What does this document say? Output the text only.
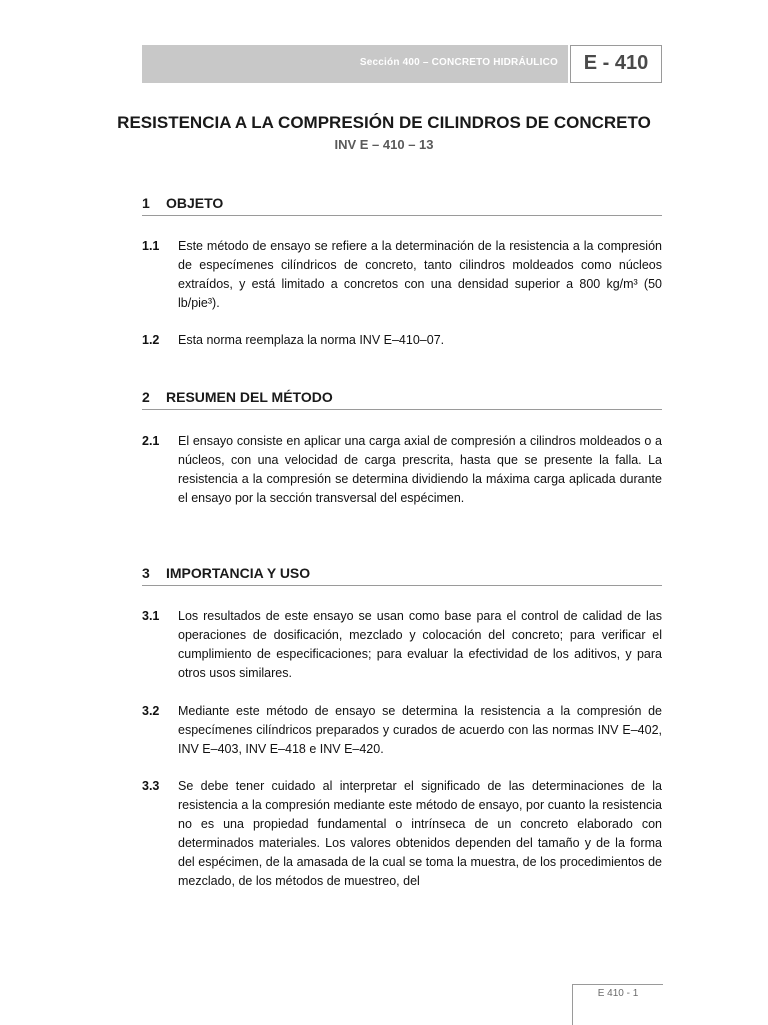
Sección 400 – CONCRETO HIDRÁULICO	E - 410
RESISTENCIA A LA COMPRESIÓN DE CILINDROS DE CONCRETO
INV E – 410 – 13
1 OBJETO
1.1	Este método de ensayo se refiere a la determinación de la resistencia a la compresión de especímenes cilíndricos de concreto, tanto cilindros moldeados como núcleos extraídos, y está limitado a concretos con una densidad superior a 800 kg/m³ (50 lb/pie³).
1.2	Esta norma reemplaza la norma INV E–410–07.
2 RESUMEN DEL MÉTODO
2.1	El ensayo consiste en aplicar una carga axial de compresión a cilindros moldeados o a núcleos, con una velocidad de carga prescrita, hasta que se presente la falla. La resistencia a la compresión se determina dividiendo la máxima carga aplicada durante el ensayo por la sección transversal del espécimen.
3 IMPORTANCIA Y USO
3.1	Los resultados de este ensayo se usan como base para el control de calidad de las operaciones de dosificación, mezclado y colocación del concreto; para verificar el cumplimiento de especificaciones; para evaluar la efectividad de los aditivos, y para otros usos similares.
3.2	Mediante este método de ensayo se determina la resistencia a la compresión de especímenes cilíndricos preparados y curados de acuerdo con las normas INV E–402, INV E–403, INV E–418 e INV E–420.
3.3	Se debe tener cuidado al interpretar el significado de las determinaciones de la resistencia a la compresión mediante este método de ensayo, por cuanto la resistencia no es una propiedad fundamental o intrínseca de un concreto elaborado con determinados materiales. Los valores obtenidos dependen del tamaño y de la forma del espécimen, de la amasada de la cual se toma la muestra, de los procedimientos de mezclado, de los métodos de muestreo, del
E 410 - 1
